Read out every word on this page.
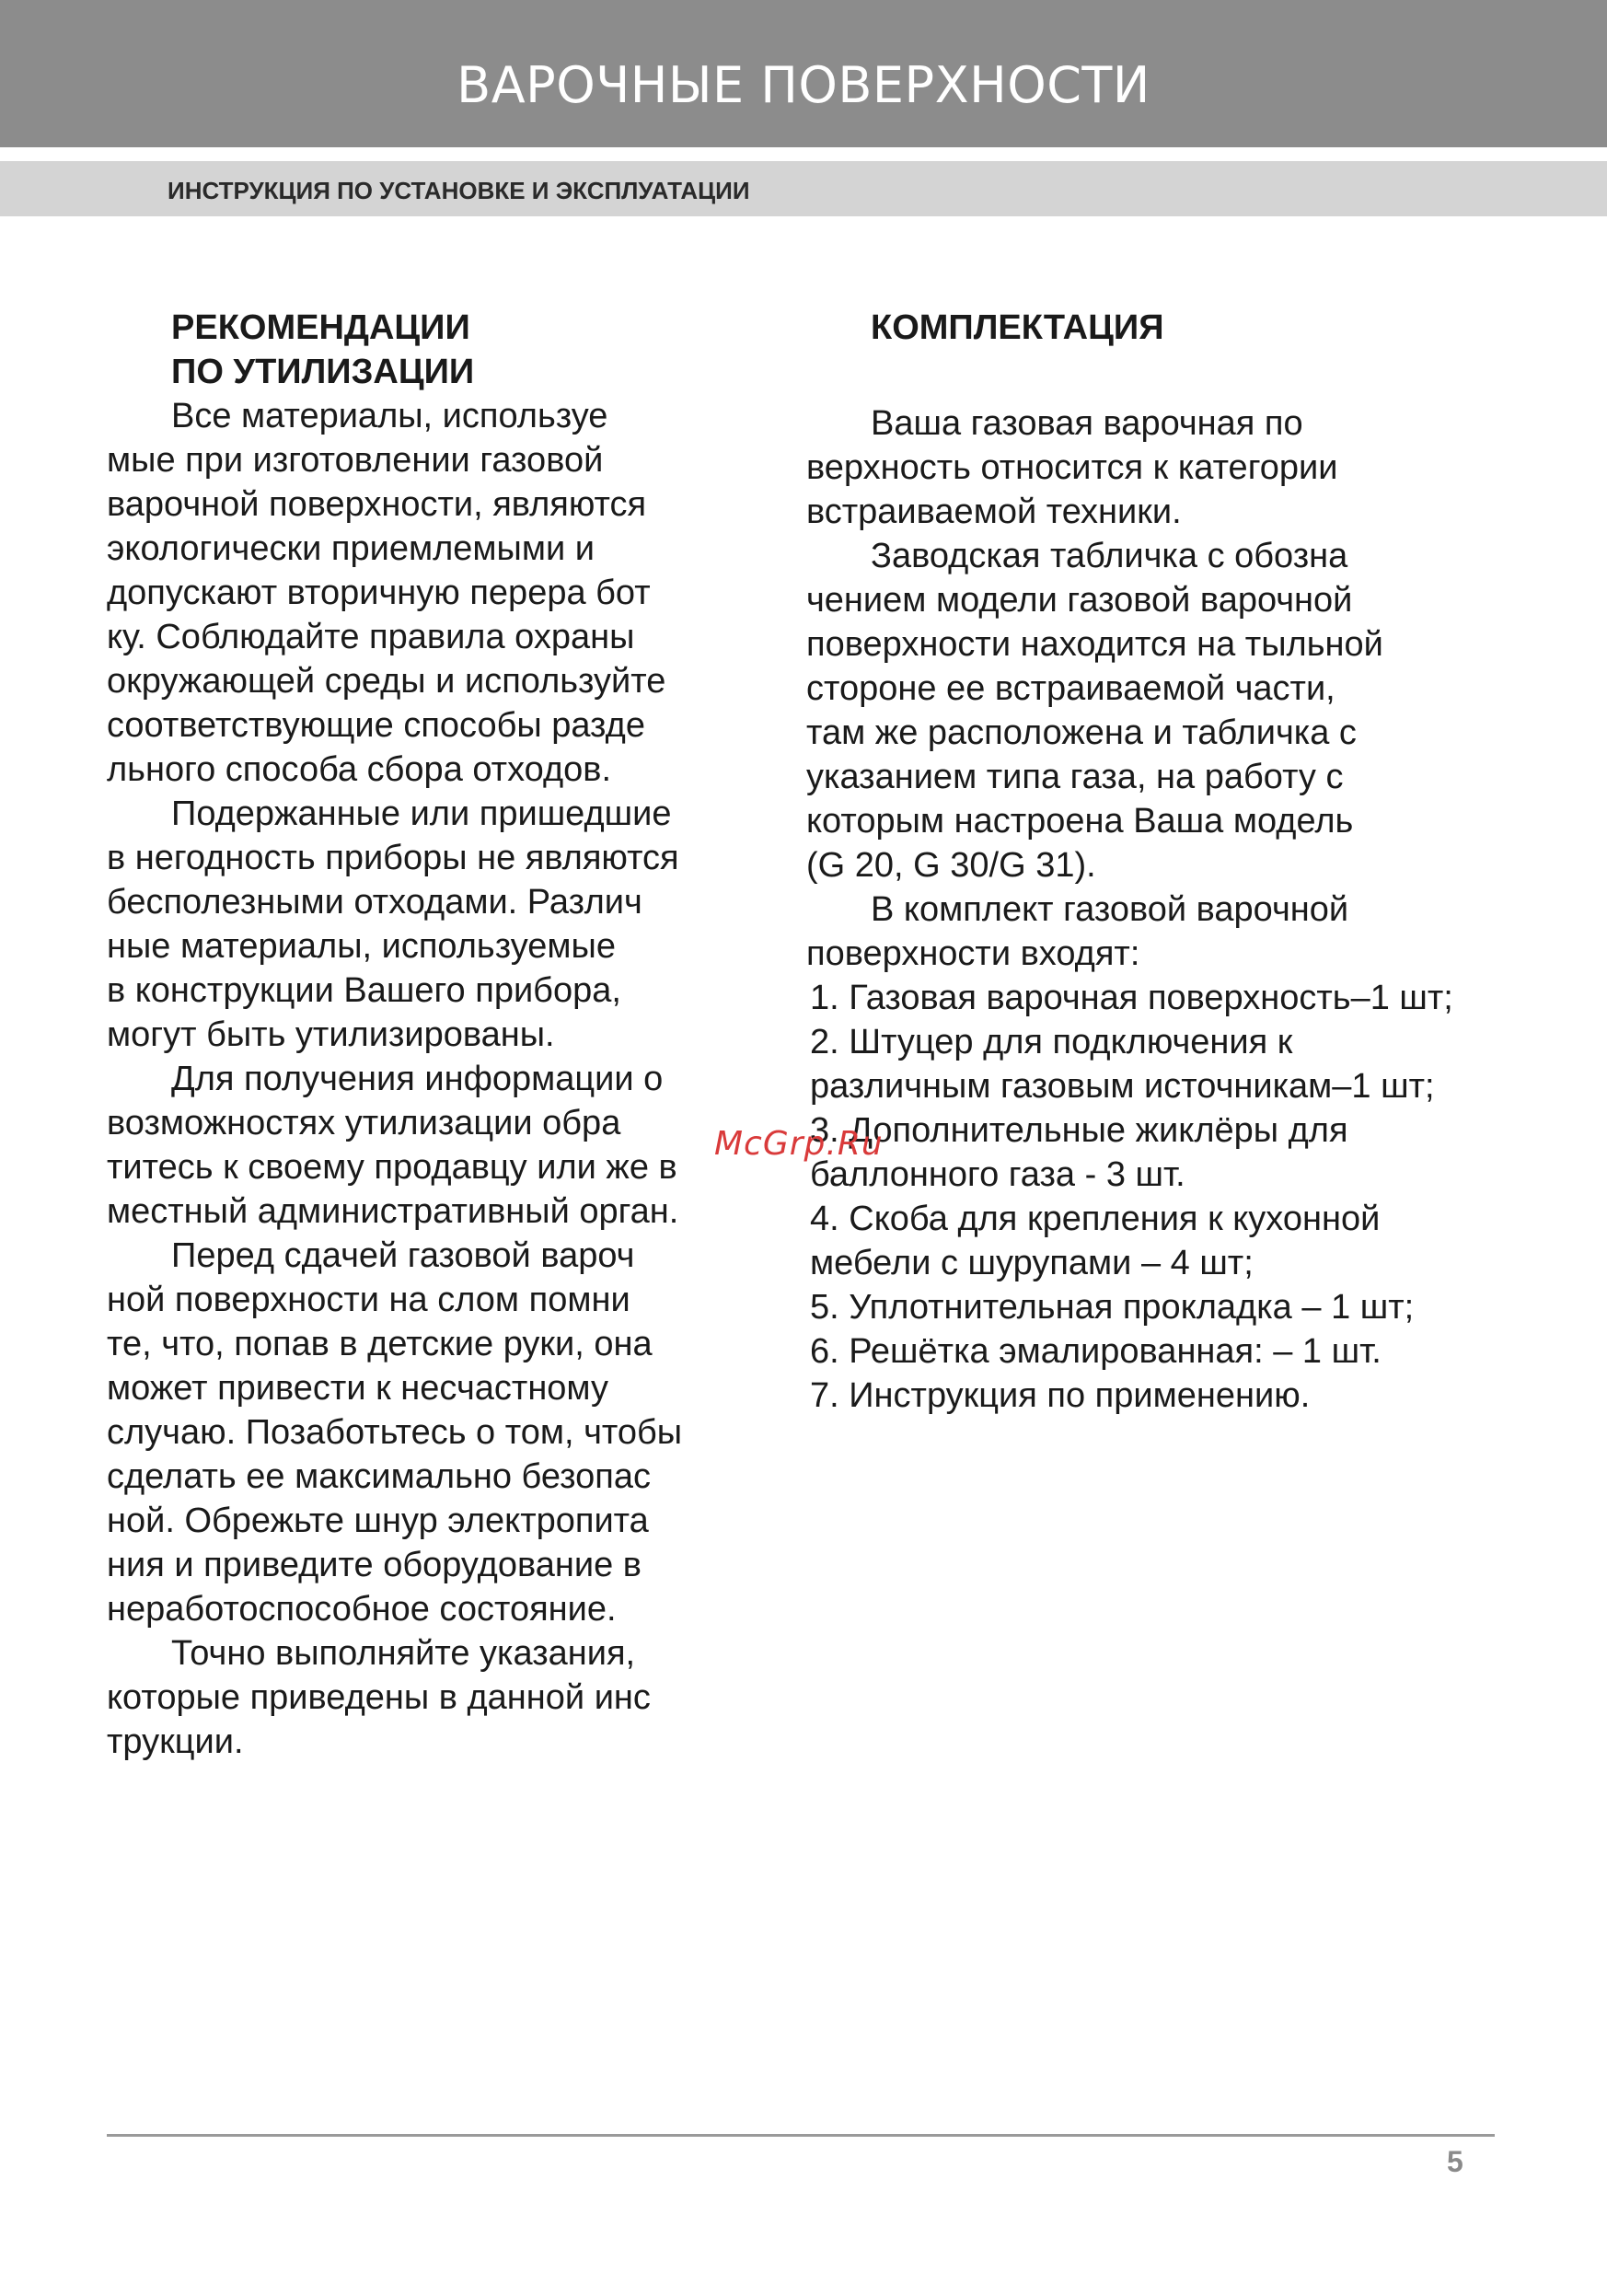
ВАРОЧНЫЕ ПОВЕРХНОСТИ
ИНСТРУКЦИЯ ПО УСТАНОВКЕ И ЭКСПЛУАТАЦИИ
РЕКОМЕНДАЦИИ
ПО УТИЛИЗАЦИИ
Все материалы, используе
мые при изготовлении газовой
варочной поверхности, являются
экологически приемлемыми и
допускают вторичную перера бот
ку. Соблюдайте правила охраны
окружающей среды и используйте
соответствующие способы разде
льного способа сбора отходов.
Подержанные или пришедшие
в негодность приборы не являются
бесполезными отходами. Различ
ные материалы, используемые
в конструкции Вашего прибора,
могут быть утилизированы.
Для получения информации о
возможностях утилизации обра
титесь к своему продавцу или же в
местный административный орган.
Перед сдачей газовой вароч
ной поверхности на слом помни
те, что, попав в детские руки, она
может привести к несчастному
случаю. Позаботьтесь о том, чтобы
сделать ее максимально безопас
ной. Обрежьте шнур электропита
ния и приведите оборудование в
неработоспособное состояние.
Точно выполняйте указания,
которые приведены в данной инс
трукции.
КОМПЛЕКТАЦИЯ
Ваша газовая варочная по
верхность относится к категории
встраиваемой техники.
Заводская табличка с обозна
чением модели газовой варочной
поверхности находится на тыльной
стороне ее встраиваемой части,
там же расположена и табличка с
указанием типа газа, на работу с
которым настроена Ваша модель
(G 20, G 30/G 31).
В комплект газовой варочной
поверхности входят:
1. Газовая варочная поверхность–1 шт;
2. Штуцер для подключения к
различным газовым источникам–1 шт;
3. Дополнительные жиклёры для
баллонного газа - 3 шт.
4. Скоба для крепления к кухонной
мебели с шурупами – 4 шт;
5. Уплотнительная прокладка – 1 шт;
6. Решётка эмалированная: – 1 шт.
7. Инструкция по применению.
McGrp.Ru
5
